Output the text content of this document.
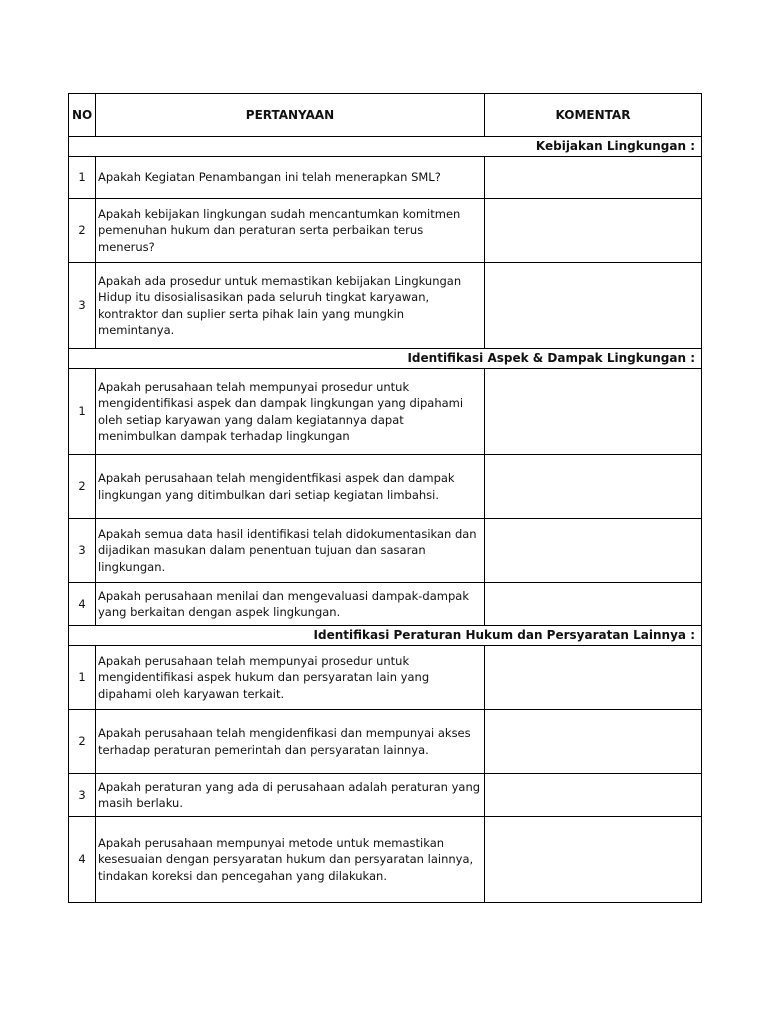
NO	PERTANYAAN	KOMENTAR
Kebijakan Lingkungan :		
1	Apakah Kegiatan Penambangan ini telah menerapkan SML?	
2	Apakah kebijakan lingkungan sudah mencantumkan komitmen pemenuhan hukum dan peraturan serta perbaikan terus menerus?	
3	Apakah ada prosedur untuk memastikan kebijakan Lingkungan Hidup itu disosialisasikan pada seluruh tingkat karyawan, kontraktor dan suplier serta pihak lain yang mungkin memintanya.	
Identifikasi Aspek & Dampak Lingkungan :		
1	Apakah perusahaan telah mempunyai prosedur untuk mengidentifikasi aspek dan dampak lingkungan yang dipahami oleh setiap karyawan yang dalam kegiatannya dapat menimbulkan dampak terhadap lingkungan	
2	Apakah perusahaan telah mengidentfikasi aspek dan dampak lingkungan yang ditimbulkan dari setiap kegiatan limbahsi.	
3	Apakah semua data hasil identifikasi telah didokumentasikan dan dijadikan masukan dalam penentuan tujuan dan sasaran lingkungan.	
4	Apakah perusahaan menilai dan mengevaluasi dampak-dampak yang berkaitan dengan aspek lingkungan.	
Identifikasi Peraturan Hukum dan Persyaratan Lainnya :		
1	Apakah perusahaan telah mempunyai prosedur untuk mengidentifikasi aspek hukum dan persyaratan lain yang dipahami oleh karyawan terkait.	
2	Apakah perusahaan telah mengidenfikasi dan mempunyai akses terhadap peraturan pemerintah dan persyaratan lainnya.	
3	Apakah peraturan yang ada di perusahaan adalah peraturan yang masih berlaku.	
4	Apakah perusahaan mempunyai metode untuk memastikan kesesuaian dengan persyaratan hukum dan persyaratan lainnya, tindakan koreksi dan pencegahan yang dilakukan.	
